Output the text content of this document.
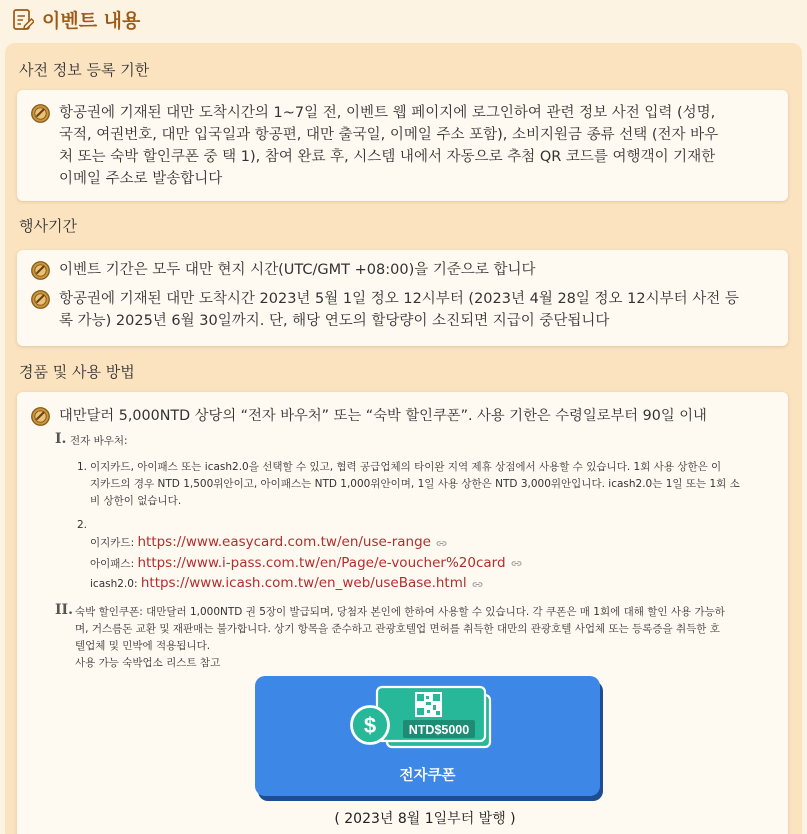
이벤트 내용
사전 정보 등록 기한
항공권에 기재된 대만 도착시간의 1~7일 전, 이벤트 웹 페이지에 로그인하여 관련 정보 사전 입력 (성명,
국적, 여권번호, 대만 입국일과 항공편, 대만 출국일, 이메일 주소 포함), 소비지원금 종류 선택 (전자 바우
처 또는 숙박 할인쿠폰 중 택 1), 참여 완료 후, 시스템 내에서 자동으로 추첨 QR 코드를 여행객이 기재한
이메일 주소로 발송합니다
행사기간
이벤트 기간은 모두 대만 현지 시간(UTC/GMT +08:00)을 기준으로 합니다
항공권에 기재된 대만 도착시간 2023년 5월 1일 정오 12시부터 (2023년 4월 28일 정오 12시부터 사전 등
록 가능) 2025년 6월 30일까지. 단, 해당 연도의 할당량이 소진되면 지급이 중단됩니다
경품 및 사용 방법
대만달러 5,000NTD 상당의 “전자 바우처” 또는 “숙박 할인쿠폰”. 사용 기한은 수령일로부터 90일 이내
I. 전자 바우처:
1. 이지카드, 아이패스 또는 icash2.0을 선택할 수 있고, 협력 공급업체의 타이완 지역 제휴 상점에서 사용할 수 있습니다. 1회 사용 상한은 이
지카드의 경우 NTD 1,500위안이고, 아이패스는 NTD 1,000위안이며, 1일 사용 상한은 NTD 3,000위안입니다. icash2.0는 1일 또는 1회 소
비 상한이 없습니다.
2.
이지카드: https://www.easycard.com.tw/en/use-range
아이패스: https://www.i-pass.com.tw/en/Page/e-voucher%20card
icash2.0: https://www.icash.com.tw/en_web/useBase.html
II. 숙박 할인쿠폰: 대만달러 1,000NTD 권 5장이 발급되며, 당첨자 본인에 한하여 사용할 수 있습니다. 각 쿠폰은 매 1회에 대해 할인 사용 가능하
며, 거스름돈 교환 및 재판매는 불가합니다. 상기 항목을 준수하고 관광호텔업 면허를 취득한 대만의 관광호텔 사업체 또는 등록증을 취득한 호
텔업체 및 민박에 적용됩니다.
사용 가능 숙박업소 리스트 참고
NTD$5000
$
전자쿠폰
( 2023년 8월 1일부터 발행 )
